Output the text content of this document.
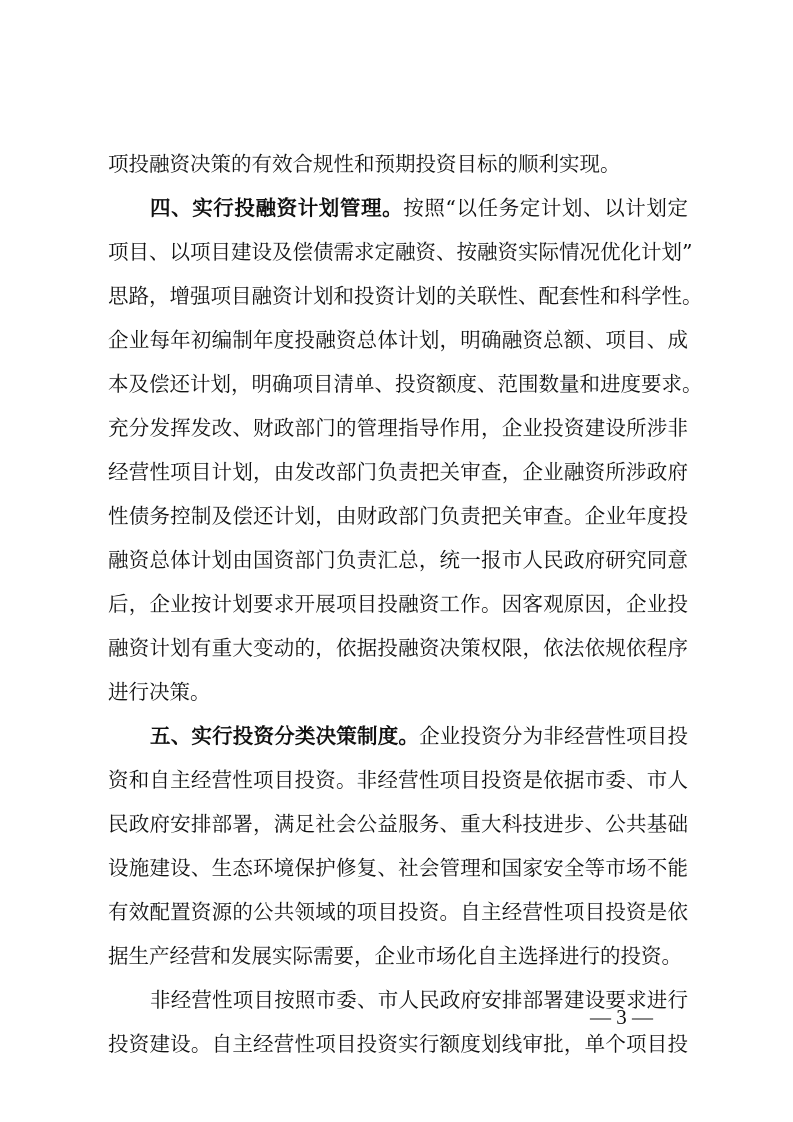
项投融资决策的有效合规性和预期投资目标的顺利实现。
四、实行投融资计划管理。按照“以任务定计划、以计划定
项目、以项目建设及偿债需求定融资、按融资实际情况优化计划”
思路，增强项目融资计划和投资计划的关联性、配套性和科学性。
企业每年初编制年度投融资总体计划，明确融资总额、项目、成
本及偿还计划，明确项目清单、投资额度、范围数量和进度要求。
充分发挥发改、财政部门的管理指导作用，企业投资建设所涉非
经营性项目计划，由发改部门负责把关审查，企业融资所涉政府
性债务控制及偿还计划，由财政部门负责把关审查。企业年度投
融资总体计划由国资部门负责汇总，统一报市人民政府研究同意
后，企业按计划要求开展项目投融资工作。因客观原因，企业投
融资计划有重大变动的，依据投融资决策权限，依法依规依程序
进行决策。
五、实行投资分类决策制度。企业投资分为非经营性项目投
资和自主经营性项目投资。非经营性项目投资是依据市委、市人
民政府安排部署，满足社会公益服务、重大科技进步、公共基础
设施建设、生态环境保护修复、社会管理和国家安全等市场不能
有效配置资源的公共领域的项目投资。自主经营性项目投资是依
据生产经营和发展实际需要，企业市场化自主选择进行的投资。
非经营性项目按照市委、市人民政府安排部署建设要求进行
投资建设。自主经营性项目投资实行额度划线审批，单个项目投
— 3 —
